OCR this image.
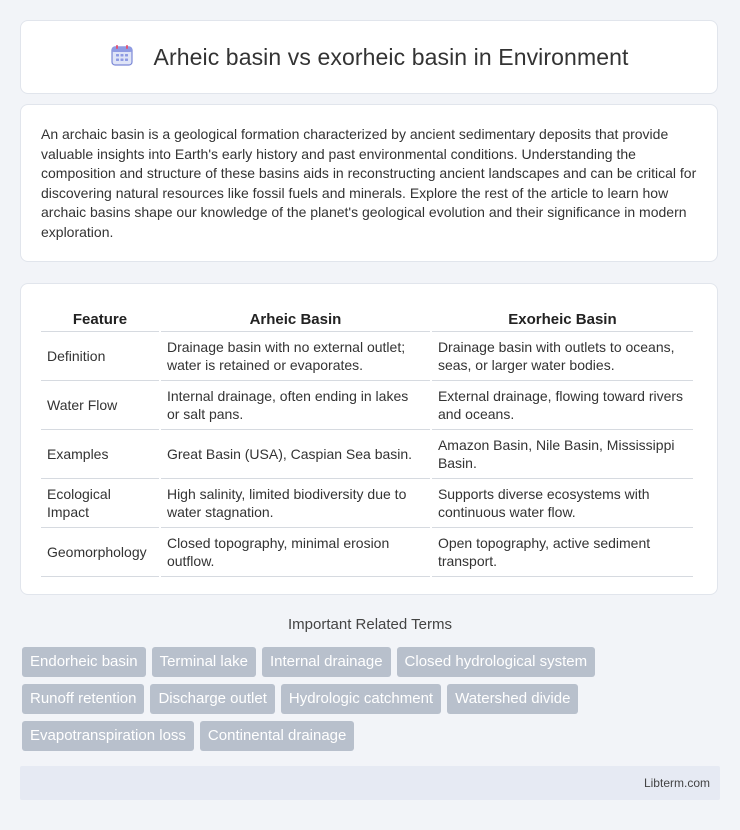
Arheic basin vs exorheic basin in Environment

An archaic basin is a geological formation characterized by ancient sedimentary deposits that provide valuable insights into Earth's early history and past environmental conditions. Understanding the composition and structure of these basins aids in reconstructing ancient landscapes and can be critical for discovering natural resources like fossil fuels and minerals. Explore the rest of the article to learn how archaic basins shape our knowledge of the planet's geological evolution and their significance in modern exploration.

Feature	Arheic Basin	Exorheic Basin
Definition	Drainage basin with no external outlet; water is retained or evaporates.	Drainage basin with outlets to oceans, seas, or larger water bodies.
Water Flow	Internal drainage, often ending in lakes or salt pans.	External drainage, flowing toward rivers and oceans.
Examples	Great Basin (USA), Caspian Sea basin.	Amazon Basin, Nile Basin, Mississippi Basin.
Ecological Impact	High salinity, limited biodiversity due to water stagnation.	Supports diverse ecosystems with continuous water flow.
Geomorphology	Closed topography, minimal erosion outflow.	Open topography, active sediment transport.
Important Related Terms
Endorheic basin	Terminal lake	Internal drainage	Closed hydrological system
Runoff retention	Discharge outlet	Hydrologic catchment	Watershed divide
Evapotranspiration loss	Continental drainage
Libterm.com
